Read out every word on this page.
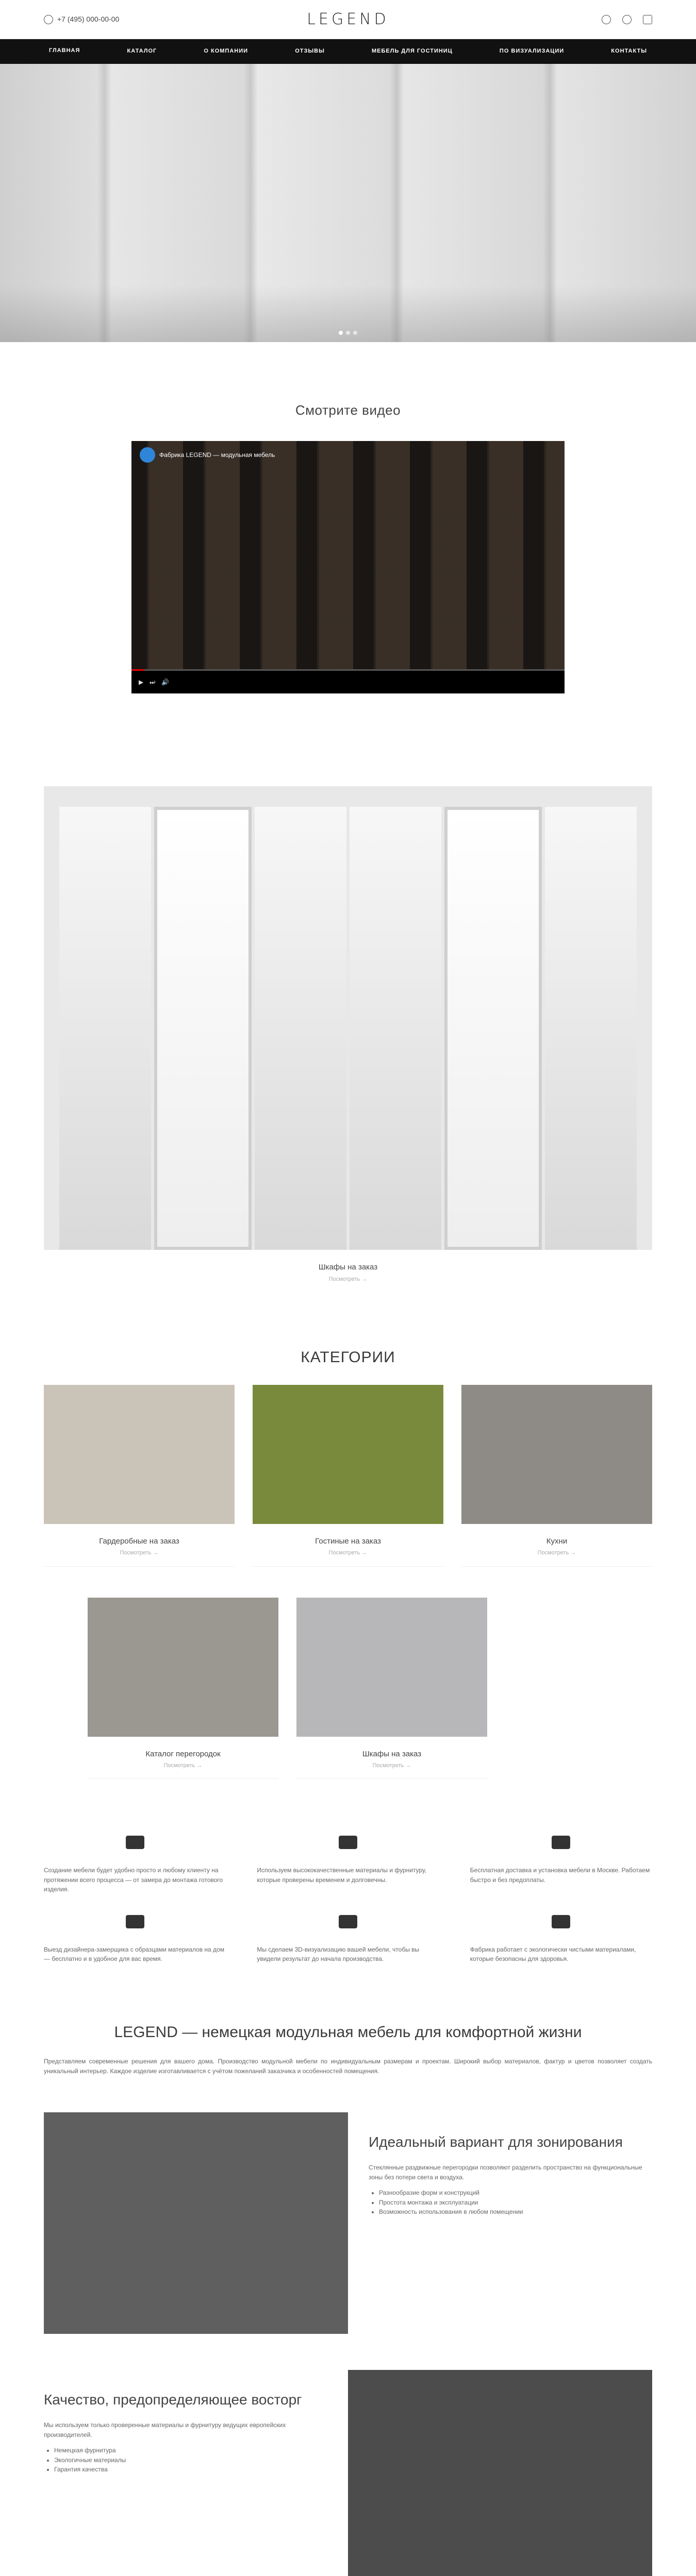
+7 (495) 000-00-00	LEGEND
ГЛАВНАЯ	КАТАЛОГ	О КОМПАНИИ	ОТЗЫВЫ	МЕБЕЛЬ ДЛЯ ГОСТИНИЦ	ПО ВИЗУАЛИЗАЦИИ	КОНТАКТЫ
Смотрите видео
Фабрика LEGEND — модульная мебель
▶ ⏭ 🔊
Шкафы на заказ
Посмотреть →
КАТЕГОРИИ
Гардеробные на заказ
Посмотреть →
Гостиные на заказ
Посмотреть →
Кухни
Посмотреть →
Каталог перегородок
Посмотреть →
Шкафы на заказ
Посмотреть →

Создание мебели будет удобно просто и любому клиенту на протяжении всего процесса — от замера до монтажа готового изделия.

Используем высококачественные материалы и фурнитуру, которые проверены временем и долговечны.

Бесплатная доставка и установка мебели в Москве. Работаем быстро и без предоплаты.

Выезд дизайнера-замерщика с образцами материалов на дом — бесплатно и в удобное для вас время.

Мы сделаем 3D-визуализацию вашей мебели, чтобы вы увидели результат до начала производства.

Фабрика работает с экологически чистыми материалами, которые безопасны для здоровья.

LEGEND — немецкая модульная мебель для комфортной жизни

Представляем современные решения для вашего дома. Производство модульной мебели по индивидуальным размерам и проектам. Широкий выбор материалов, фактур и цветов позволяет создать уникальный интерьер. Каждое изделие изготавливается с учётом пожеланий заказчика и особенностей помещения.

Идеальный вариант для зонирования

Стеклянные раздвижные перегородки позволяют разделить пространство на функциональные зоны без потери света и воздуха.

• Разнообразие форм и конструкций
• Простота монтажа и эксплуатации
• Возможность использования в любом помещении
Качество, предопределяющее восторг

Мы используем только проверенные материалы и фурнитуру ведущих европейских производителей.

• Немецкая фурнитура
• Экологичные материалы
• Гарантия качества
